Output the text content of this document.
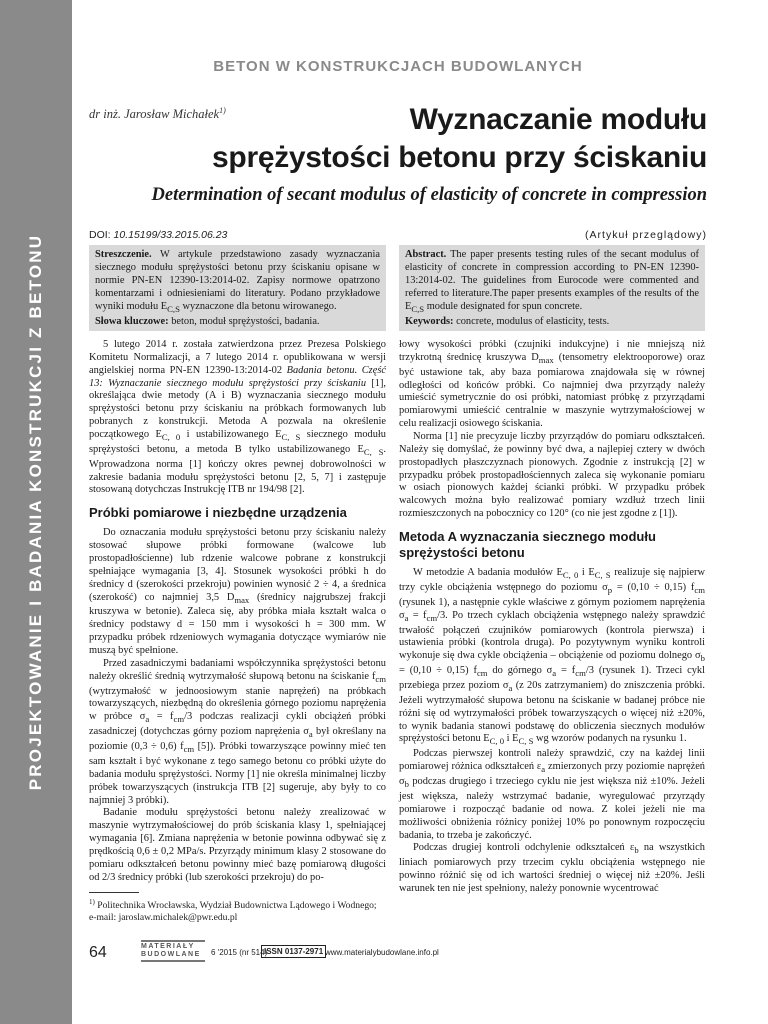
PROJEKTOWANIE I BADANIA KONSTRUKCJI Z BETONU
BETON W KONSTRUKCJACH BUDOWLANYCH
dr inż. Jarosław Michałek$^{1)}$	Wyznaczanie modułu
sprężystości betonu przy ściskaniu
Determination of secant modulus of elasticity of concrete in compression
DOI: 10.15199/33.2015.06.23	(Artykuł przeglądowy)
Streszczenie. W artykule przedstawiono zasady wyznaczania siecznego modułu sprężystości betonu przy ściskaniu opisane w normie PN-EN 12390-13:2014-02. Zapisy normowe opatrzono komentarzami i odniesieniami do literatury. Podano przykładowe wyniki modułu $E_{C,S}$ wyznaczone dla betonu wirowanego.
Słowa kluczowe: beton, moduł sprężystości, badania.
Abstract. The paper presents testing rules of the secant modulus of elasticity of concrete in compression according to PN-EN 12390-13:2014-02. The guidelines from Eurocode were commented and referred to literature.The paper presents examples of the results of the $E_{C,S}$ module designated for spun concrete.
Keywords: concrete, modulus of elasticity, tests.

5 lutego 2014 r. została zatwierdzona przez Prezesa Polskiego Komitetu Normalizacji, a 7 lutego 2014 r. opublikowana w wersji angielskiej norma PN-EN 12390-13:2014-02 Badania betonu. Część 13: Wyznaczanie siecznego modułu sprężystości przy ściskaniu [1], określająca dwie metody (A i B) wyznaczania siecznego modułu sprężystości betonu przy ściskaniu na próbkach formowanych lub pobranych z konstrukcji. Metoda A pozwala na określenie początkowego $E_{C, 0}$ i ustabilizowanego $E_{C, S}$ siecznego modułu sprężystości betonu, a metoda B tylko ustabilizowanego $E_{C, S}$. Wprowadzona norma [1] kończy okres pewnej dobrowolności w zakresie badania modułu sprężystości betonu [2, 5, 7] i zastępuje stosowaną dotychczas Instrukcję ITB nr 194/98 [2].

Próbki pomiarowe i niezbędne urządzenia

Do oznaczania modułu sprężystości betonu przy ściskaniu należy stosować słupowe próbki formowane (walcowe lub prostopadłościenne) lub rdzenie walcowe pobrane z konstrukcji spełniające wymagania [3, 4]. Stosunek wysokości próbki h do średnicy d (szerokości przekroju) powinien wynosić 2 ÷ 4, a średnica (szerokość) co najmniej 3,5 $D_{max}$ (średnicy najgrubszej frakcji kruszywa w betonie). Zaleca się, aby próbka miała kształt walca o średnicy podstawy d = 150 mm i wysokości h = 300 mm. W przypadku próbek rdzeniowych wymagania dotyczące wymiarów nie muszą być spełnione.

Przed zasadniczymi badaniami współczynnika sprężystości betonu należy określić średnią wytrzymałość słupową betonu na ściskanie $f_{cm}$ (wytrzymałość w jednoosiowym stanie naprężeń) na próbkach towarzyszących, niezbędną do określenia górnego poziomu naprężenia w próbce $\sigma_a = f_{cm}/3$ podczas realizacji cykli obciążeń próbki zasadniczej (dotychczas górny poziom naprężenia $\sigma_a$ był określany na poziomie (0,3 ÷ 0,6) $f_{cm}$ [5]). Próbki towarzyszące powinny mieć ten sam kształt i być wykonane z tego samego betonu co próbki użyte do badania modułu sprężystości. Normy [1] nie określa minimalnej liczby próbek towarzyszących (instrukcja ITB [2] sugeruje, aby były to co najmniej 3 próbki).

Badanie modułu sprężystości betonu należy zrealizować w maszynie wytrzymałościowej do prób ściskania klasy 1, spełniającej wymagania [6]. Zmiana naprężenia w betonie powinna odbywać się z prędkością 0,6 ± 0,2 MPa/s. Przyrządy minimum klasy 2 stosowane do pomiaru odkształceń betonu powinny mieć bazę pomiarową długości od 2/3 średnicy próbki (lub szerokości przekroju) do po-

łowy wysokości próbki (czujniki indukcyjne) i nie mniejszą niż trzykrotną średnicę kruszywa $D_{max}$ (tensometry elektrooporowe) oraz być ustawione tak, aby baza pomiarowa znajdowała się w równej odległości od końców próbki. Co najmniej dwa przyrządy należy umieścić symetrycznie do osi próbki, natomiast próbkę z przyrządami pomiarowymi umieścić centralnie w maszynie wytrzymałościowej w celu realizacji osiowego ściskania.

Norma [1] nie precyzuje liczby przyrządów do pomiaru odkształceń. Należy się domyślać, że powinny być dwa, a najlepiej cztery w dwóch prostopadłych płaszczyznach pionowych. Zgodnie z instrukcją [2] w przypadku próbek prostopadłościennych zaleca się wykonanie pomiaru w osiach pionowych każdej ścianki próbki. W przypadku próbek walcowych można było realizować pomiary wzdłuż trzech linii rozmieszczonych na pobocznicy co 120° (co nie jest zgodne z [1]).

Metoda A wyznaczania siecznego modułu sprężystości betonu

W metodzie A badania modułów $E_{C, 0}$ i $E_{C, S}$ realizuje się najpierw trzy cykle obciążenia wstępnego do poziomu $\sigma_p = (0,10 \div 0,15)$ $f_{cm}$ (rysunek 1), a następnie cykle właściwe z górnym poziomem naprężenia $\sigma_a = f_{cm}/3$. Po trzech cyklach obciążenia wstępnego należy sprawdzić trwałość połączeń czujników pomiarowych (kontrola pierwsza) i ustawienia próbki (kontrola druga). Po pozytywnym wyniku kontroli wykonuje się dwa cykle obciążenia – obciążenie od poziomu dolnego $\sigma_b = (0,10 \div 0,15)$ $f_{cm}$ do górnego $\sigma_a = f_{cm}/3$ (rysunek 1). Trzeci cykl przebiega przez poziom $\sigma_a$ (z 20s zatrzymaniem) do zniszczenia próbki. Jeżeli wytrzymałość słupowa betonu na ściskanie w badanej próbce nie różni się od wytrzymałości próbek towarzyszących o więcej niż ±20%, to wynik badania stanowi podstawę do obliczenia siecznych modułów sprężystości betonu $E_{C, 0}$ i $E_{C, S}$ wg wzorów podanych na rysunku 1.

Podczas pierwszej kontroli należy sprawdzić, czy na każdej linii pomiarowej różnica odkształceń $\varepsilon_a$ zmierzonych przy poziomie naprężeń $\sigma_b$ podczas drugiego i trzeciego cyklu nie jest większa niż ±10%. Jeżeli jest większa, należy wstrzymać badanie, wyregulować przyrządy pomiarowe i rozpocząć badanie od nowa. Z kolei jeżeli nie ma możliwości obniżenia różnicy poniżej 10% po ponownym rozpoczęciu badania, to trzeba je zakończyć.

Podczas drugiej kontroli odchylenie odkształceń $\varepsilon_b$ na wszystkich liniach pomiarowych przy trzecim cyklu obciążenia wstępnego nie powinno różnić się od ich wartości średniej o więcej niż ±20%. Jeśli warunek ten nie jest spełniony, należy ponownie wycentrować

$^{1)}$ Politechnika Wrocławska, Wydział Budownictwa Lądowego i Wodnego;
e-mail: jaroslaw.michalek@pwr.edu.pl
64	MATERIAŁY BUDOWLANE	6 '2015 (nr 514)
ISSN 0137-2971 www.materialybudowlane.info.pl
